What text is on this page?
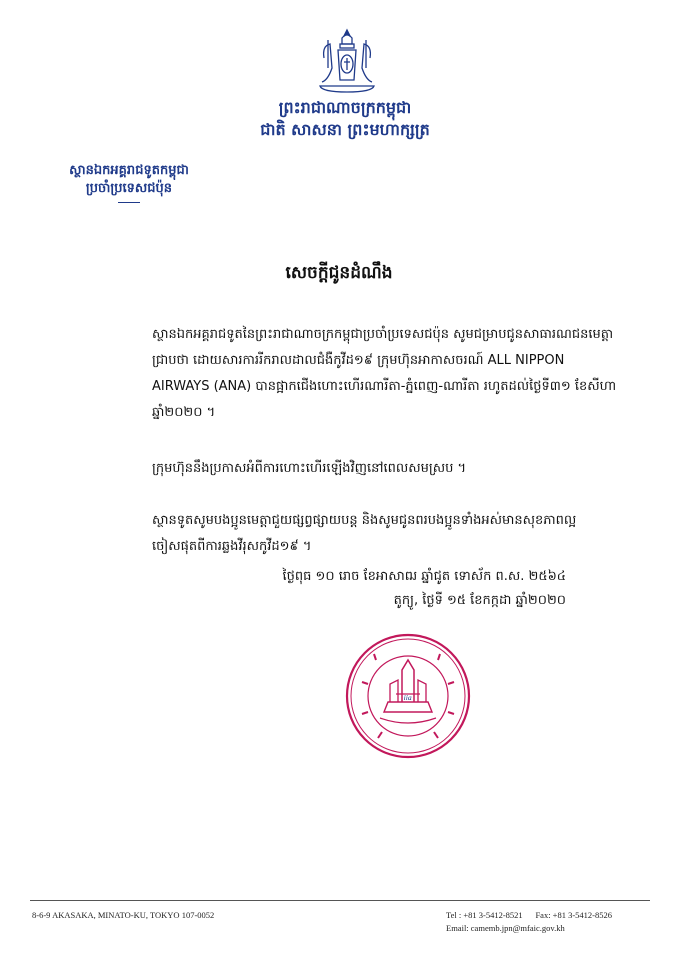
ព្រះរាជាណាចក្រកម្ពុជា
ជាតិ សាសនា ព្រះមហាក្សត្រ
ស្ថានឯកអគ្គរាជទូតកម្ពុជា
ប្រចាំប្រទេសជប៉ុន
សេចក្តីជូនដំណឹង
ស្ថានឯកអគ្គរាជទូតនៃព្រះរាជាណាចក្រកម្ពុជាប្រចាំប្រទេសជប៉ុន សូមជម្រាបជូនសាធារណជនមេត្តាជ្រាបថា ដោយសារការរីករាលដាលជំងឺកូវីដ១៩ ក្រុមហ៊ុនអាកាសចរណ៍ ALL NIPPON AIRWAYS (ANA) បានផ្អាកជើងហោះហើរណារីតា-ភ្នំពេញ-ណារីតា រហូតដល់ថ្ងៃទី៣១ ខែសីហា ឆ្នាំ២០២០ ។
ក្រុមហ៊ុននឹងប្រកាសអំពីការហោះហើរឡើងវិញនៅពេលសមស្រប ។
ស្ថានទូតសូមបងប្អូនមេត្តាជួយផ្សព្វផ្សាយបន្ត និងសូមជូនពរបងប្អូនទាំងអស់មានសុខភាពល្អ ចៀសផុតពីការឆ្លងវីរុសកូវីដ១៩ ។
ថ្ងៃពុធ ១០ រោច ខែអាសាឍ ឆ្នាំជូត ទោស័ក ព.ស. ២៥៦៤
តូក្យូ, ថ្ងៃទី ១៥ ខែកក្កដា ឆ្នាំ២០២០
ᵢᵢₐ
8-6-9 AKASAKA, MINATO-KU, TOKYO 107-0052	Tel : +81 3-5412-8521 Fax: +81 3-5412-8526
Email: camemb.jpn@mfaic.gov.kh
